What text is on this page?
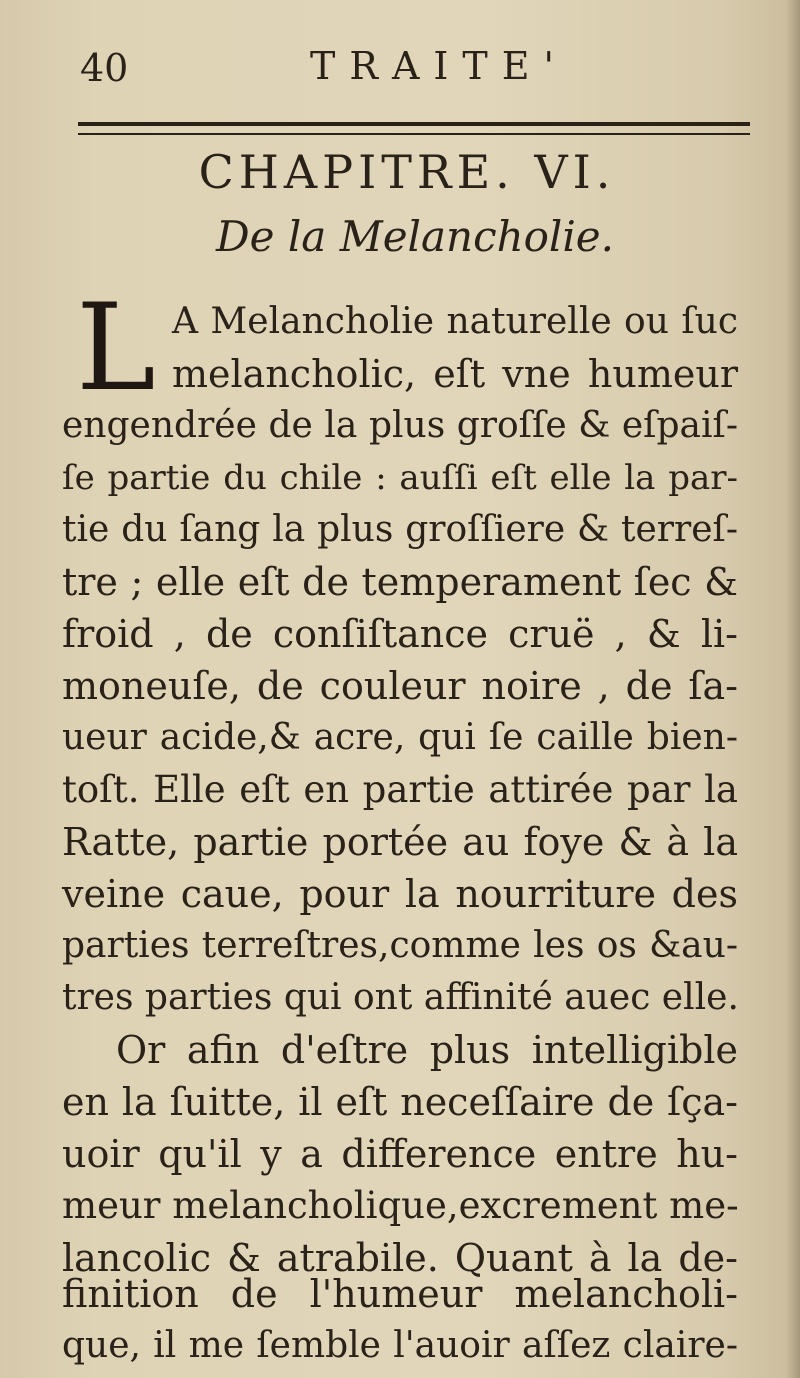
40	TRAITE'
CHAPITRE. VI.
De la Melancholie.
L A Melancholie naturelle ou ſuc
melancholic, eſt vne humeur
engendrée de la plus groſſe & eſpaiſ-
ſe partie du chile : auſſi eſt elle la par-
tie du ſang la plus groſſiere & terreſ-
tre ; elle eſt de temperament ſec &
froid , de conſiſtance cruë , & li-
moneuſe, de couleur noire , de ſa-
ueur acide,& acre, qui ſe caille bien-
toſt. Elle eſt en partie attirée par la
Ratte, partie portée au foye & à la
veine caue, pour la nourriture des
parties terreſtres,comme les os &au-
tres parties qui ont affinité auec elle.
Or afin d'eſtre plus intelligible
en la ſuitte, il eſt neceſſaire de ſça-
uoir qu'il y a difference entre hu-
meur melancholique,excrement me-
lancolic & atrabile. Quant à la de-
finition de l'humeur melancholi-
que, il me ſemble l'auoir aſſez claire-
